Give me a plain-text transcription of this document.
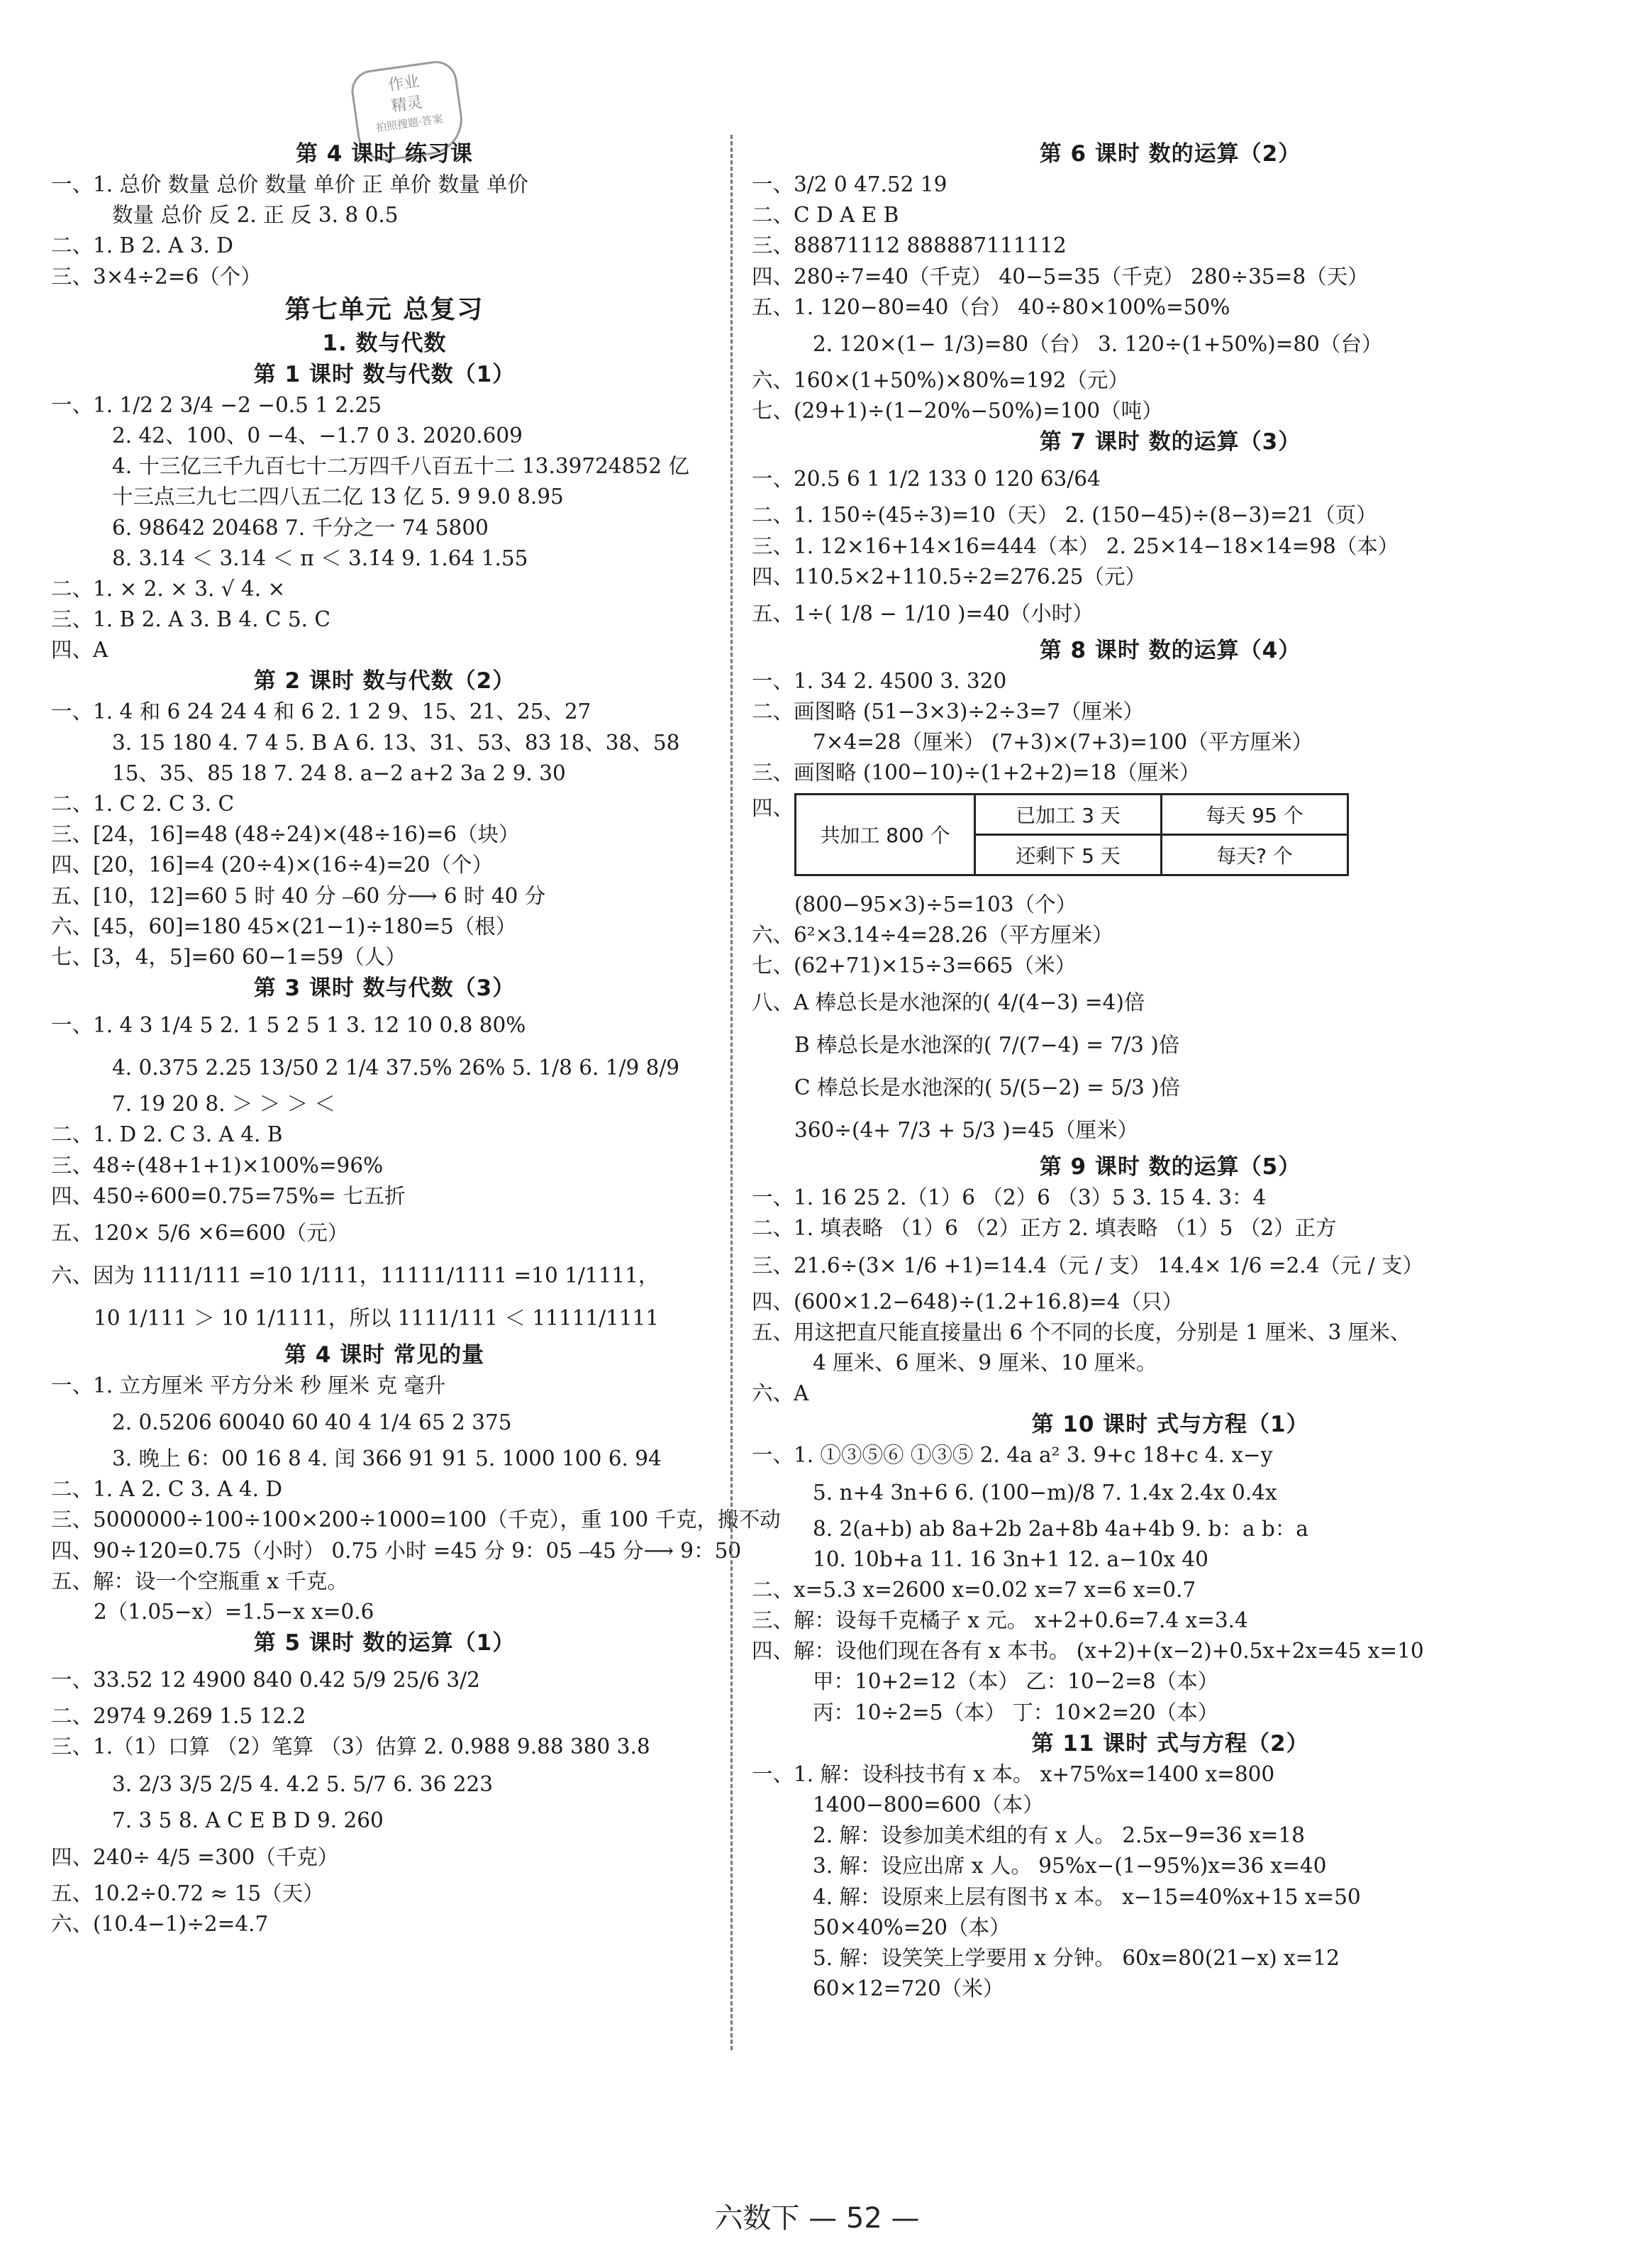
作业
精灵
拍照搜题·答案
第 4 课时 练习课
一、1. 总价 数量 总价 数量 单价 正 单价 数量 单价
数量 总价 反 2. 正 反 3. 8 0.5
二、1. B 2. A 3. D
三、3×4÷2=6（个）
第七单元 总复习
1. 数与代数
第 1 课时 数与代数（1）
一、1. 1/2 2 3/4 −2 −0.5 1 2.25
2. 42、100、0 −4、−1.7 0 3. 2020.609
4. 十三亿三千九百七十二万四千八百五十二 13.39724852 亿
十三点三九七二四八五二亿 13 亿 5. 9 9.0 8.95
6. 98642 20468 7. 千分之一 74 5800
8. 3.14 ＜ 3.14̇ ＜ π ＜ 3.1̇4̇ 9. 1.64 1.55
二、1. × 2. × 3. √ 4. ×
三、1. B 2. A 3. B 4. C 5. C
四、A
第 2 课时 数与代数（2）
一、1. 4 和 6 24 24 4 和 6 2. 1 2 9、15、21、25、27
3. 15 180 4. 7 4 5. B A 6. 13、31、53、83 18、38、58
15、35、85 18 7. 24 8. a−2 a+2 3a 2 9. 30
二、1. C 2. C 3. C
三、[24，16]=48 (48÷24)×(48÷16)=6（块）
四、[20，16]=4 (20÷4)×(16÷4)=20（个）
五、[10，12]=60 5 时 40 分 ⎯60 分⟶ 6 时 40 分
六、[45，60]=180 45×(21−1)÷180=5（根）
七、[3，4，5]=60 60−1=59（人）
第 3 课时 数与代数（3）
一、1. 4 3 1/4 5 2. 1 5 2 5 1 3. 12 10 0.8 80%
4. 0.375 2.25 13/50 2 1/4 37.5% 26% 5. 1/8 6. 1/9 8/9
7. 19 20 8. ＞ ＞ ＞ ＜
二、1. D 2. C 3. A 4. B
三、48÷(48+1+1)×100%=96%
四、450÷600=0.75=75%= 七五折
五、120× 5/6 ×6=600（元）
六、因为 1111/111 =10 1/111，11111/1111 =10 1/1111，
10 1/111 ＞ 10 1/1111，所以 1111/111 ＜ 11111/1111
第 4 课时 常见的量
一、1. 立方厘米 平方分米 秒 厘米 克 毫升
2. 0.5206 60040 60 40 4 1/4 65 2 375
3. 晚上 6：00 16 8 4. 闰 366 91 91 5. 1000 100 6. 94
二、1. A 2. C 3. A 4. D
三、5000000÷100÷100×200÷1000=100（千克），重 100 千克，搬不动
四、90÷120=0.75（小时） 0.75 小时 =45 分 9：05 ⎯45 分⟶ 9：50
五、解：设一个空瓶重 x 千克。
2（1.05−x）=1.5−x x=0.6
第 5 课时 数的运算（1）
一、33.52 12 4900 840 0.42 5/9 25/6 3/2
二、2974 9.269 1.5 12.2
三、1.（1）口算 （2）笔算 （3）估算 2. 0.988 9.88 380 3.8
3. 2/3 3/5 2/5 4. 4.2 5. 5/7 6. 36 223
7. 3 5 8. A C E B D 9. 260
四、240÷ 4/5 =300（千克）
五、10.2÷0.72 ≈ 15（天）
六、(10.4−1)÷2=4.7
第 6 课时 数的运算（2）
一、3/2 0 47.52 19
二、C D A E B
三、88871112 888887111112
四、280÷7=40（千克） 40−5=35（千克） 280÷35=8（天）
五、1. 120−80=40（台） 40÷80×100%=50%
2. 120×(1− 1/3)=80（台） 3. 120÷(1+50%)=80（台）
六、160×(1+50%)×80%=192（元）
七、(29+1)÷(1−20%−50%)=100（吨）
第 7 课时 数的运算（3）
一、20.5 6 1 1/2 133 0 120 63/64
二、1. 150÷(45÷3)=10（天） 2. (150−45)÷(8−3)=21（页）
三、1. 12×16+14×16=444（本） 2. 25×14−18×14=98（本）
四、110.5×2+110.5÷2=276.25（元）
五、1÷( 1/8 − 1/10 )=40（小时）
第 8 课时 数的运算（4）
一、1. 34 2. 4500 3. 320
二、画图略 (51−3×3)÷2÷3=7（厘米）
7×4=28（厘米） (7+3)×(7+3)=100（平方厘米）
三、画图略 (100−10)÷(1+2+2)=18（厘米）
四、
共加工 800 个	已加工 3 天	每天 95 个
	还剩下 5 天	每天? 个
(800−95×3)÷5=103（个）
六、6²×3.14÷4=28.26（平方厘米）
七、(62+71)×15÷3=665（米）
八、A 棒总长是水池深的( 4/(4−3) =4)倍
B 棒总长是水池深的( 7/(7−4) = 7/3 )倍
C 棒总长是水池深的( 5/(5−2) = 5/3 )倍
360÷(4+ 7/3 + 5/3 )=45（厘米）
第 9 课时 数的运算（5）
一、1. 16 25 2.（1）6 （2）6 （3）5 3. 15 4. 3：4
二、1. 填表略 （1）6 （2）正方 2. 填表略 （1）5 （2）正方
三、21.6÷(3× 1/6 +1)=14.4（元 / 支） 14.4× 1/6 =2.4（元 / 支）
四、(600×1.2−648)÷(1.2+16.8)=4（只）
五、用这把直尺能直接量出 6 个不同的长度，分别是 1 厘米、3 厘米、
4 厘米、6 厘米、9 厘米、10 厘米。
六、A
第 10 课时 式与方程（1）
一、1. ①③⑤⑥ ①③⑤ 2. 4a a² 3. 9+c 18+c 4. x−y
5. n+4 3n+6 6. (100−m)/8 7. 1.4x 2.4x 0.4x
8. 2(a+b) ab 8a+2b 2a+8b 4a+4b 9. b：a b：a
10. 10b+a 11. 16 3n+1 12. a−10x 40
二、x=5.3 x=2600 x=0.02 x=7 x=6 x=0.7
三、解：设每千克橘子 x 元。 x+2+0.6=7.4 x=3.4
四、解：设他们现在各有 x 本书。 (x+2)+(x−2)+0.5x+2x=45 x=10
甲：10+2=12（本） 乙：10−2=8（本）
丙：10÷2=5（本） 丁：10×2=20（本）
第 11 课时 式与方程（2）
一、1. 解：设科技书有 x 本。 x+75%x=1400 x=800
1400−800=600（本）
2. 解：设参加美术组的有 x 人。 2.5x−9=36 x=18
3. 解：设应出席 x 人。 95%x−(1−95%)x=36 x=40
4. 解：设原来上层有图书 x 本。 x−15=40%x+15 x=50
50×40%=20（本）
5. 解：设笑笑上学要用 x 分钟。 60x=80(21−x) x=12
60×12=720（米）
六数下 — 52 —
